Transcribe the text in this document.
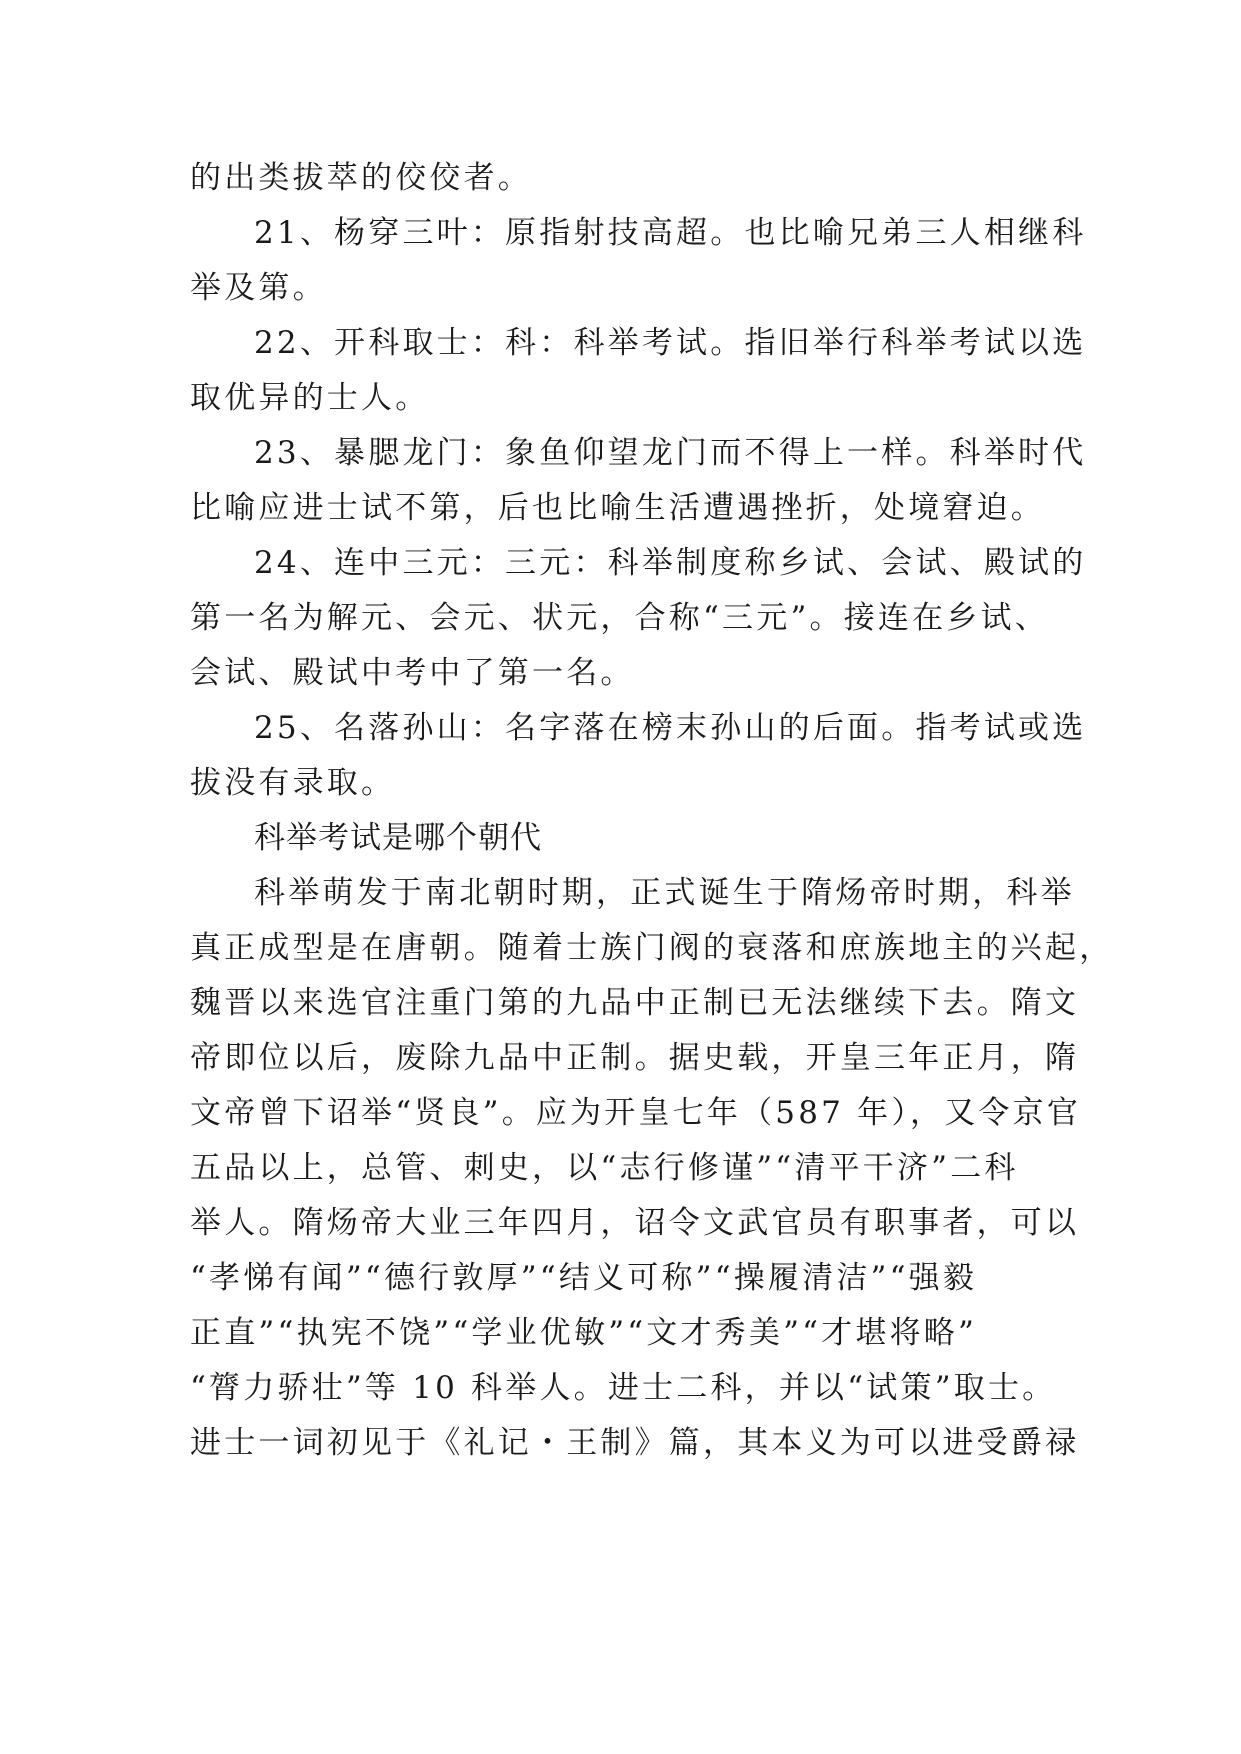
的出类拔萃的佼佼者。
21、杨穿三叶：原指射技高超。也比喻兄弟三人相继科
举及第。
22、开科取士：科：科举考试。指旧举行科举考试以选
取优异的士人。
23、暴腮龙门：象鱼仰望龙门而不得上一样。科举时代
比喻应进士试不第，后也比喻生活遭遇挫折，处境窘迫。
24、连中三元：三元：科举制度称乡试、会试、殿试的
第一名为解元、会元、状元，合称“三元”。接连在乡试、
会试、殿试中考中了第一名。
25、名落孙山：名字落在榜末孙山的后面。指考试或选
拔没有录取。
科举考试是哪个朝代
科举萌发于南北朝时期，正式诞生于隋炀帝时期，科举
真正成型是在唐朝。随着士族门阀的衰落和庶族地主的兴起，
魏晋以来选官注重门第的九品中正制已无法继续下去。隋文
帝即位以后，废除九品中正制。据史载，开皇三年正月，隋
文帝曾下诏举“贤良”。应为开皇七年（587 年），又令京官
五品以上，总管、刺史，以“志行修谨”“清平干济”二科
举人。隋炀帝大业三年四月，诏令文武官员有职事者，可以
“孝悌有闻”“德行敦厚”“结义可称”“操履清洁”“强毅
正直”“执宪不饶”“学业优敏”“文才秀美”“才堪将略”
“膂力骄壮”等 10 科举人。进士二科，并以“试策”取士。
进士一词初见于《礼记・王制》篇，其本义为可以进受爵禄
